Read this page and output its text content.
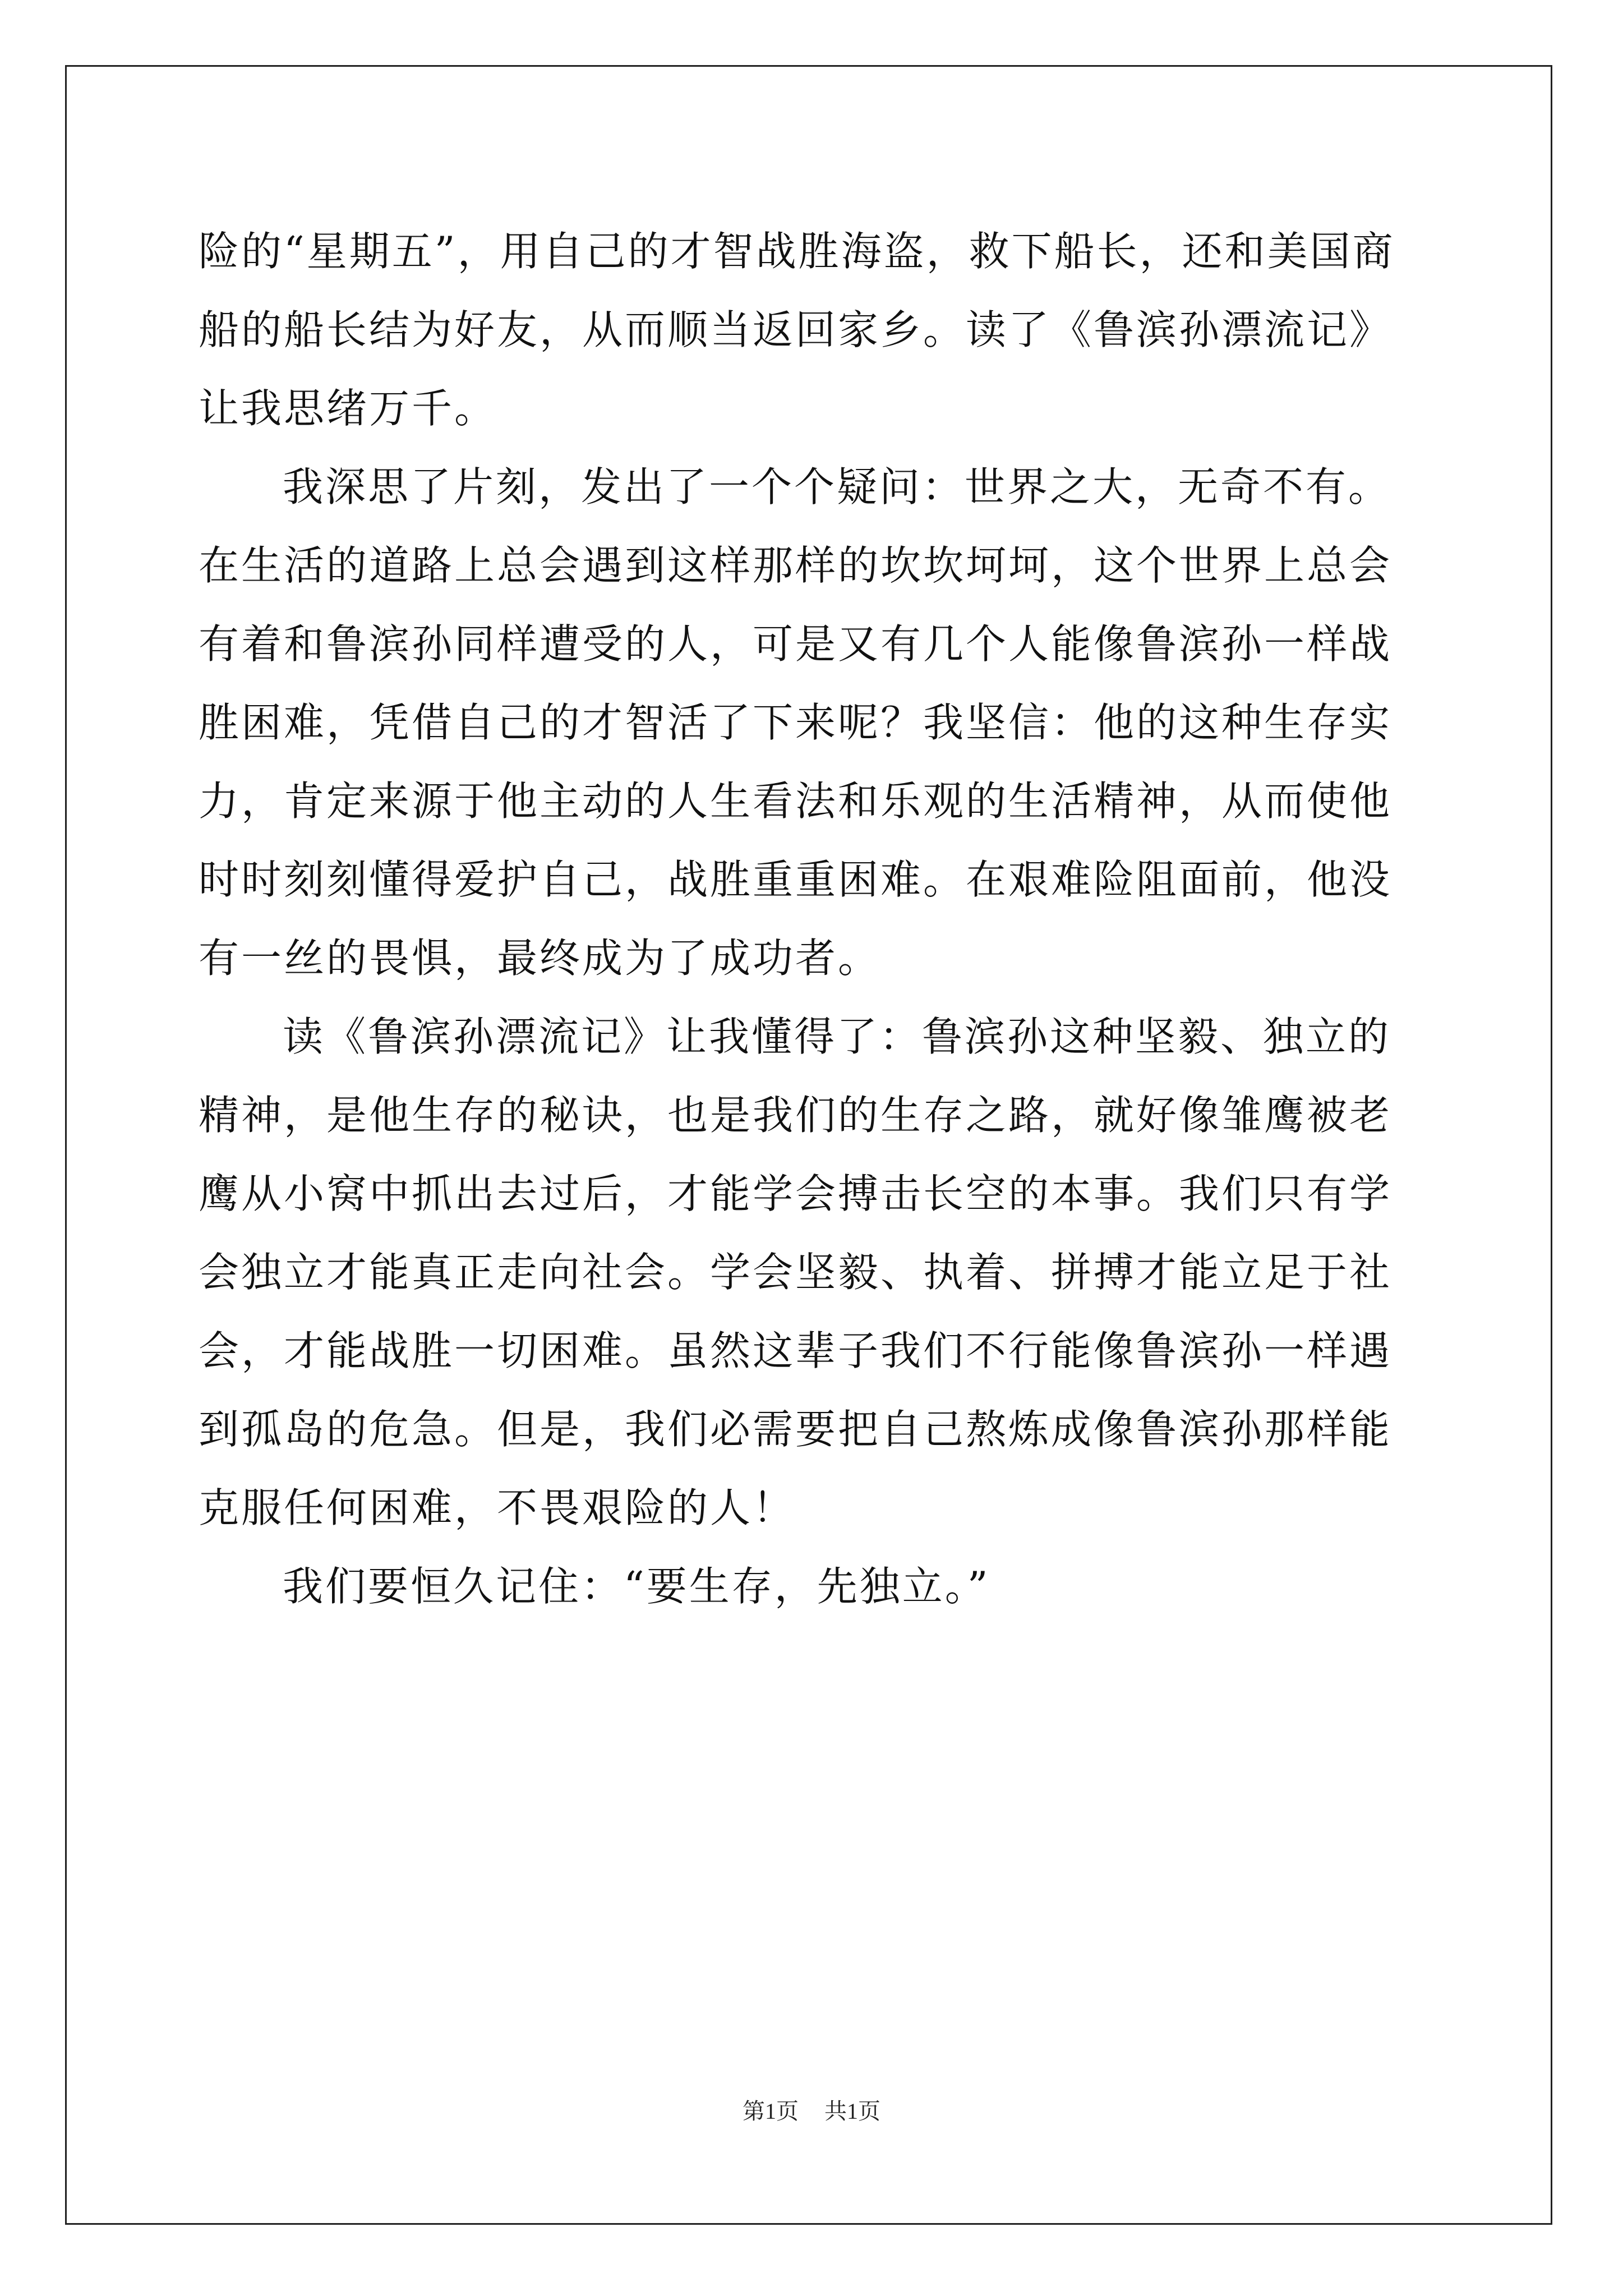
险的“星期五”，用自己的才智战胜海盗，救下船长，还和美国商船的船长结为好友，从而顺当返回家乡。读了《鲁滨孙漂流记》让我思绪万千。

我深思了片刻，发出了一个个疑问：世界之大，无奇不有。在生活的道路上总会遇到这样那样的坎坎坷坷，这个世界上总会有着和鲁滨孙同样遭受的人，可是又有几个人能像鲁滨孙一样战胜困难，凭借自己的才智活了下来呢？我坚信：他的这种生存实力，肯定来源于他主动的人生看法和乐观的生活精神，从而使他时时刻刻懂得爱护自己，战胜重重困难。在艰难险阻面前，他没有一丝的畏惧，最终成为了成功者。

读《鲁滨孙漂流记》让我懂得了：鲁滨孙这种坚毅、独立的精神，是他生存的秘诀，也是我们的生存之路，就好像雏鹰被老鹰从小窝中抓出去过后，才能学会搏击长空的本事。我们只有学会独立才能真正走向社会。学会坚毅、执着、拼搏才能立足于社会，才能战胜一切困难。虽然这辈子我们不行能像鲁滨孙一样遇到孤岛的危急。但是，我们必需要把自己熬炼成像鲁滨孙那样能克服任何困难，不畏艰险的人！

我们要恒久记住：“要生存，先独立。”

第1页 共1页
